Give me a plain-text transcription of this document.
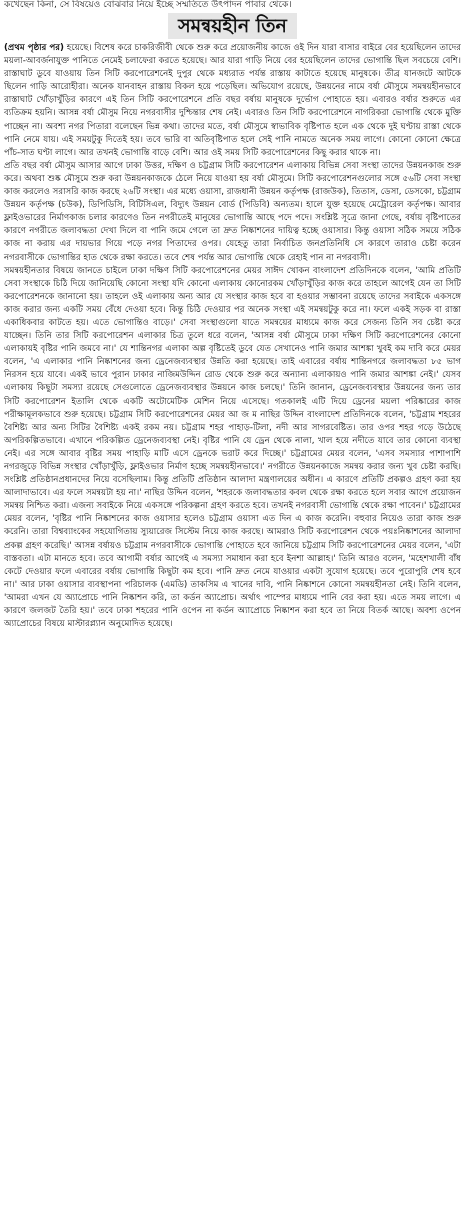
কখেছেন কিনা, সে বিষয়েও বোঝবার নিয়ে ইচ্ছে সম্মতিতে উৎপাদন পাবার থেকে।
সমন্বয়হীন তিন

(প্রথম পৃষ্ঠার পর) হয়েছে। বিশেষ করে চাকরিজীবী থেকে শুরু করে প্রয়োজনীয় কাজে ওই দিন যারা বাসার বাইরে বের হয়েছিলেন তাদের ময়লা-আবর্জনাযুক্ত পানিতে নেমেই চলাফেরা করতে হয়েছে। আর যারা গাড়ি নিয়ে বের হয়েছিলেন তাদের ভোগান্তি ছিল সবচেয়ে বেশি। রাস্তাঘাট ডুবে যাওয়ায় তিন সিটি করপোরেশনেই দুপুর থেকে মধ্যরাত পর্যন্ত রাস্তায় কাটাতে হয়েছে মানুষকে। তীব্র যানজটে আটকে ছিলেন গাড়ি আরোহীরা। অনেক যানবাহন রাস্তায় বিকল হয়ে পড়েছিল। অভিযোগ রয়েছে, উন্নয়নের নামে বর্ষা মৌসুমে সমন্বয়হীনভাবে রাস্তাঘাট খোঁড়াখুঁড়ির কারণে এই তিন সিটি করপোরেশনে প্রতি বছর বর্ষায় মানুষকে দুর্ভোগ পোহাতে হয়। এবারও বর্ষার শুরুতে এর ব্যতিক্রম হয়নি। আসন্ন বর্ষা মৌসুম নিয়ে নগরবাসীর দুশ্চিন্তার শেষ নেই। এবারও তিন সিটি করপোরেশনে নাগরিকরা ভোগান্তি থেকে মুক্তি পাচ্ছেন না। অবশ্য নগর পিতারা বলেছেন ভিন্ন কথা। তাদের মতে, বর্ষা মৌসুমে স্বাভাবিক বৃষ্টিপাত হলে এক থেকে দুই ঘণ্টায় রাস্তা থেকে পানি নেমে যায়। এই সময়টুকু দিতেই হয়। তবে ভারি বা অতিবৃষ্টিপাত হলে সেই পানি নামতে অনেক সময় লাগে। কোনো কোনো ক্ষেত্রে পাঁচ-সাত ঘণ্টা লাগে। আর তখনই ভোগান্তি বাড়ে বেশি। আর ওই সময় সিটি করপোরেশনের কিছু করার থাকে না।

প্রতি বছর বর্ষা মৌসুম আসার আগে ঢাকা উত্তর, দক্ষিণ ও চট্টগ্রাম সিটি করপোরেশন এলাকায় বিভিন্ন সেবা সংস্থা তাদের উন্নয়নকাজ শুরু করে। অথবা শুষ্ক মৌসুমে শুরু করা উন্নয়নকাজকে ঠেলে নিয়ে যাওয়া হয় বর্ষা মৌসুমে। সিটি করপোরেশনগুলোর সঙ্গে ৫৬টি সেবা সংস্থা কাজ করলেও সরাসরি কাজ করছে ২৬টি সংস্থা। এর মধ্যে ওয়াসা, রাজধানী উন্নয়ন কর্তৃপক্ষ (রাজউক), তিতাস, ডেসা, ডেসকো, চট্টগ্রাম উন্নয়ন কর্তৃপক্ষ (চউক), ডিপিডিসি, বিটিসিএল, বিদ্যুৎ উন্নয়ন বোর্ড (পিডিবি) অন্যতম। হালে যুক্ত হয়েছে মেট্রোরেল কর্তৃপক্ষ। আবার ফ্লাইওভারের নির্মাণকাজ চলার কারণেও তিন নগরীতেই মানুষের ভোগান্তি আছে পদে পদে। সংশ্লিষ্ট সূত্রে জানা গেছে, বর্ষায় বৃষ্টিপাতের কারণে নগরীতে জলাবদ্ধতা দেখা দিলে বা পানি জমে গেলে তা দ্রুত নিষ্কাশনের দায়িত্ব হচ্ছে ওয়াসার। কিন্তু ওয়াসা সঠিক সময়ে সঠিক কাজ না করায় এর দায়ভার গিয়ে পড়ে নগর পিতাদের ওপর। যেহেতু তারা নির্বাচিত জনপ্রতিনিধি সে কারণে তারাও চেষ্টা করেন নগরবাসীকে ভোগান্তির হাত থেকে রক্ষা করতে। তবে শেষ পর্যন্ত আর ভোগান্তি থেকে রেহাই পান না নগরবাসী।

সমন্বয়হীনতার বিষয়ে জানতে চাইলে ঢাকা দক্ষিণ সিটি করপোরেশনের মেয়র সাঈদ খোকন বাংলাদেশ প্রতিদিনকে বলেন, 'আমি প্রতিটি সেবা সংস্থাকে চিঠি দিয়ে জানিয়েছি কোনো সংস্থা যদি কোনো এলাকায় কোনোরকম খোঁড়াখুঁড়ির কাজ করে তাহলে আগেই যেন তা সিটি করপোরেশনকে জানানো হয়। তাহলে ওই এলাকায় অন্য আর যে সংস্থার কাজ হবে বা হওয়ার সম্ভাবনা রয়েছে তাদের সবাইকে একসঙ্গে কাজ করার জন্য একটি সময় বেঁধে দেওয়া হবে। কিন্তু চিঠি দেওয়ার পর অনেক সংস্থা এই সমন্বয়টুকু করে না। ফলে একই সড়ক বা রাস্তা একাধিকবার কাটতে হয়। এতে ভোগান্তিও বাড়ে।' সেবা সংস্থাগুলো যাতে সমন্বয়ের মাধ্যমে কাজ করে সেজন্য তিনি সব চেষ্টা করে যাচ্ছেন। তিনি তার সিটি করপোরেশন এলাকার চিত্র তুলে ধরে বলেন, 'আসন্ন বর্ষা মৌসুমে ঢাকা দক্ষিণ সিটি করপোরেশনের কোনো এলাকায়ই বৃষ্টির পানি জমবে না।' যে শান্তিনগর এলাকা অল্প বৃষ্টিতেই ডুবে যেত সেখানেও পানি জমার আশঙ্কা খুবই কম দাবি করে মেয়র বলেন, 'এ এলাকার পানি নিষ্কাশনের জন্য ড্রেনেজব্যবস্থার উন্নতি করা হয়েছে। তাই এবারের বর্ষায় শান্তিনগরে জলাবদ্ধতা ৮৫ ভাগ নিরসন হয়ে যাবে। একই ভাবে পুরান ঢাকার নাজিমউদ্দিন রোড থেকে শুরু করে অন্যান্য এলাকায়ও পানি জমার আশঙ্কা নেই।' যেসব এলাকায় কিছুটা সমস্যা রয়েছে সেগুলোতে ড্রেনেজব্যবস্থার উন্নয়নে কাজ চলছে।' তিনি জানান, ড্রেনেজব্যবস্থার উন্নয়নের জন্য তার সিটি করপোরেশন ইতালি থেকে একটি অটোমেটিক মেশিন নিয়ে এসেছে। গতকালই এটি দিয়ে ড্রেনের ময়লা পরিষ্কারের কাজ পরীক্ষামূলকভাবে শুরু হয়েছে। চট্টগ্রাম সিটি করপোরেশনের মেয়র আ জ ম নাছির উদ্দিন বাংলাদেশ প্রতিদিনকে বলেন, 'চট্টগ্রাম শহরের বৈশিষ্ট্য আর অন্য সিটির বৈশিষ্ট্য একই রকম নয়। চট্টগ্রাম শহর পাহাড়-টিলা, নদী আর সাগরবেষ্টিত। তার ওপর শহর গড়ে উঠেছে অপরিকল্পিতভাবে। এখানে পরিকল্পিত ড্রেনেজব্যবস্থা নেই। বৃষ্টির পানি যে ড্রেন থেকে নালা, খাল হয়ে নদীতে যাবে তার কোনো ব্যবস্থা নেই। এর সঙ্গে আবার বৃষ্টির সময় পাহাড়ি মাটি এসে ড্রেনকে ভরাট করে দিচ্ছে।' চট্টগ্রামের মেয়র বলেন, 'এসব সমস্যার পাশাপাশি নগরজুড়ে বিভিন্ন সংস্থার খোঁড়াখুঁড়ি, ফ্লাইওভার নির্মাণ হচ্ছে সমন্বয়হীনভাবে।' নগরীতে উন্নয়নকাজে সমন্বয় করার জন্য খুব চেষ্টা করছি। সংশ্লিষ্ট প্রতিষ্ঠানপ্রধানদের নিয়ে বসেছিলাম। কিন্তু প্রতিটি প্রতিষ্ঠান আলাদা মন্ত্রণালয়ের অধীন। এ কারণে প্রতিটি প্রকল্পও গ্রহণ করা হয় আলাদাভাবে। এর ফলে সমন্বয়টা হয় না।' নাছির উদ্দিন বলেন, 'শহরকে জলাবদ্ধতার কবল থেকে রক্ষা করতে হলে সবার আগে প্রয়োজন সমন্বয় নিশ্চিত করা। এজন্য সবাইকে নিয়ে একসঙ্গে পরিকল্পনা গ্রহণ করতে হবে। তখনই নগরবাসী ভোগান্তি থেকে রক্ষা পাবেন।' চট্টগ্রামের মেয়র বলেন, 'বৃষ্টির পানি নিষ্কাশনের কাজ ওয়াসার হলেও চট্টগ্রাম ওয়াসা এত দিন এ কাজ করেনি। বহুবার নিয়েও তারা কাজ শুরু করেনি। তারা বিশ্বব্যাংকের সহযোগিতায় স্যুয়ারেজ সিস্টেম নিয়ে কাজ করছে। আমরাও সিটি করপোরেশন থেকে পয়ঃনিষ্কাশনের আলাদা প্রকল্প গ্রহণ করেছি।' আসন্ন বর্ষায়ও চট্টগ্রাম নগরবাসীকে ভোগান্তি পোহাতে হবে জানিয়ে চট্টগ্রাম সিটি করপোরেশনের মেয়র বলেন, 'এটা বাস্তবতা। এটা মানতে হবে। তবে আগামী বর্ষার আগেই এ সমস্যা সমাধান করা হবে ইনশা আল্লাহ।' তিনি আরও বলেন, 'মহেশখালী বাঁধ কেটে দেওয়ার ফলে এবারের বর্ষায় ভোগান্তি কিছুটা কম হবে। পানি দ্রুত নেমে যাওয়ার একটা সুযোগ হয়েছে। তবে পুরোপুরি শেষ হবে না।' আর ঢাকা ওয়াসার ব্যবস্থাপনা পরিচালক (এমডি) তাকসিম এ খানের দাবি, পানি নিষ্কাশনে কোনো সমন্বয়হীনতা নেই। তিনি বলেন, 'আমরা এখন যে অ্যাপ্রোচে পানি নিষ্কাশন করি, তা কর্ডন অ্যাপ্রোচ। অর্থাৎ পাম্পের মাধ্যমে পানি বের করা হয়। এতে সময় লাগে। এ কারণে জলজট তৈরি হয়।' তবে ঢাকা শহরের পানি ওপেন না কর্ডন অ্যাপ্রোচে নিষ্কাশন করা হবে তা নিয়ে বিতর্ক আছে। অবশ্য ওপেন অ্যাপ্রোচের বিষয়ে মাস্টারপ্ল্যান অনুমোদিত হয়েছে।
